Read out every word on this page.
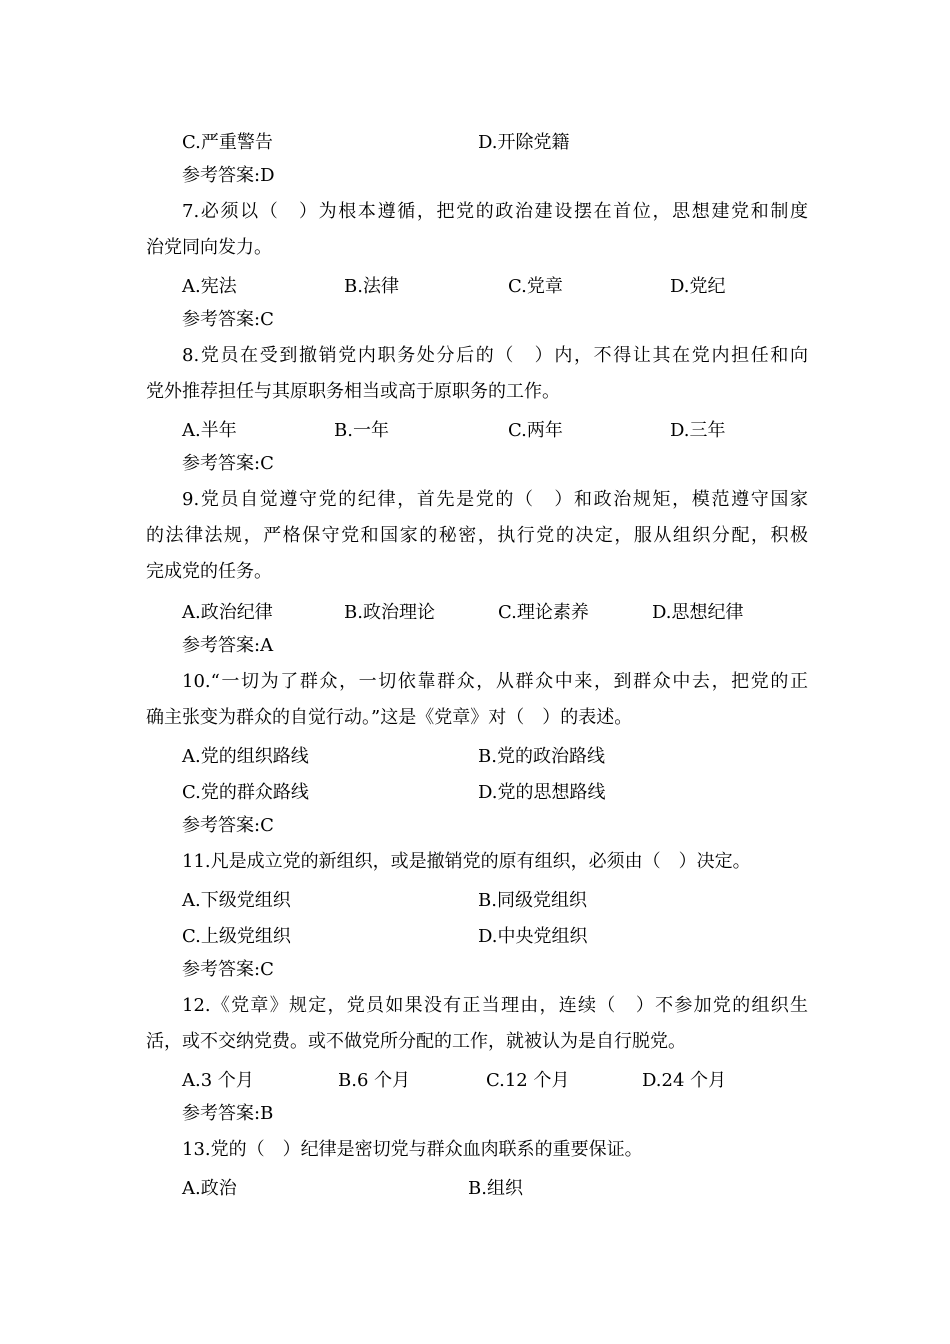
C.严重警告	D.开除党籍
参考答案:D
7.必须以（　）为根本遵循，把党的政治建设摆在首位，思想建党和制度
治党同向发力。
A.宪法	B.法律	C.党章	D.党纪
参考答案:C
8.党员在受到撤销党内职务处分后的（　）内，不得让其在党内担任和向
党外推荐担任与其原职务相当或高于原职务的工作。
A.半年	B.一年	C.两年	D.三年
参考答案:C
9.党员自觉遵守党的纪律，首先是党的（　）和政治规矩，模范遵守国家
的法律法规，严格保守党和国家的秘密，执行党的决定，服从组织分配，积极
完成党的任务。
A.政治纪律	B.政治理论	C.理论素养	D.思想纪律
参考答案:A
10.“一切为了群众，一切依靠群众，从群众中来，到群众中去，把党的正
确主张变为群众的自觉行动。”这是《党章》对（　）的表述。
A.党的组织路线	B.党的政治路线
C.党的群众路线	D.党的思想路线
参考答案:C
11.凡是成立党的新组织，或是撤销党的原有组织，必须由（　）决定。
A.下级党组织	B.同级党组织
C.上级党组织	D.中央党组织
参考答案:C
12.《党章》规定，党员如果没有正当理由，连续（　）不参加党的组织生
活，或不交纳党费。或不做党所分配的工作，就被认为是自行脱党。
A.3 个月	B.6 个月	C.12 个月	D.24 个月
参考答案:B
13.党的（　）纪律是密切党与群众血肉联系的重要保证。
A.政治	B.组织
